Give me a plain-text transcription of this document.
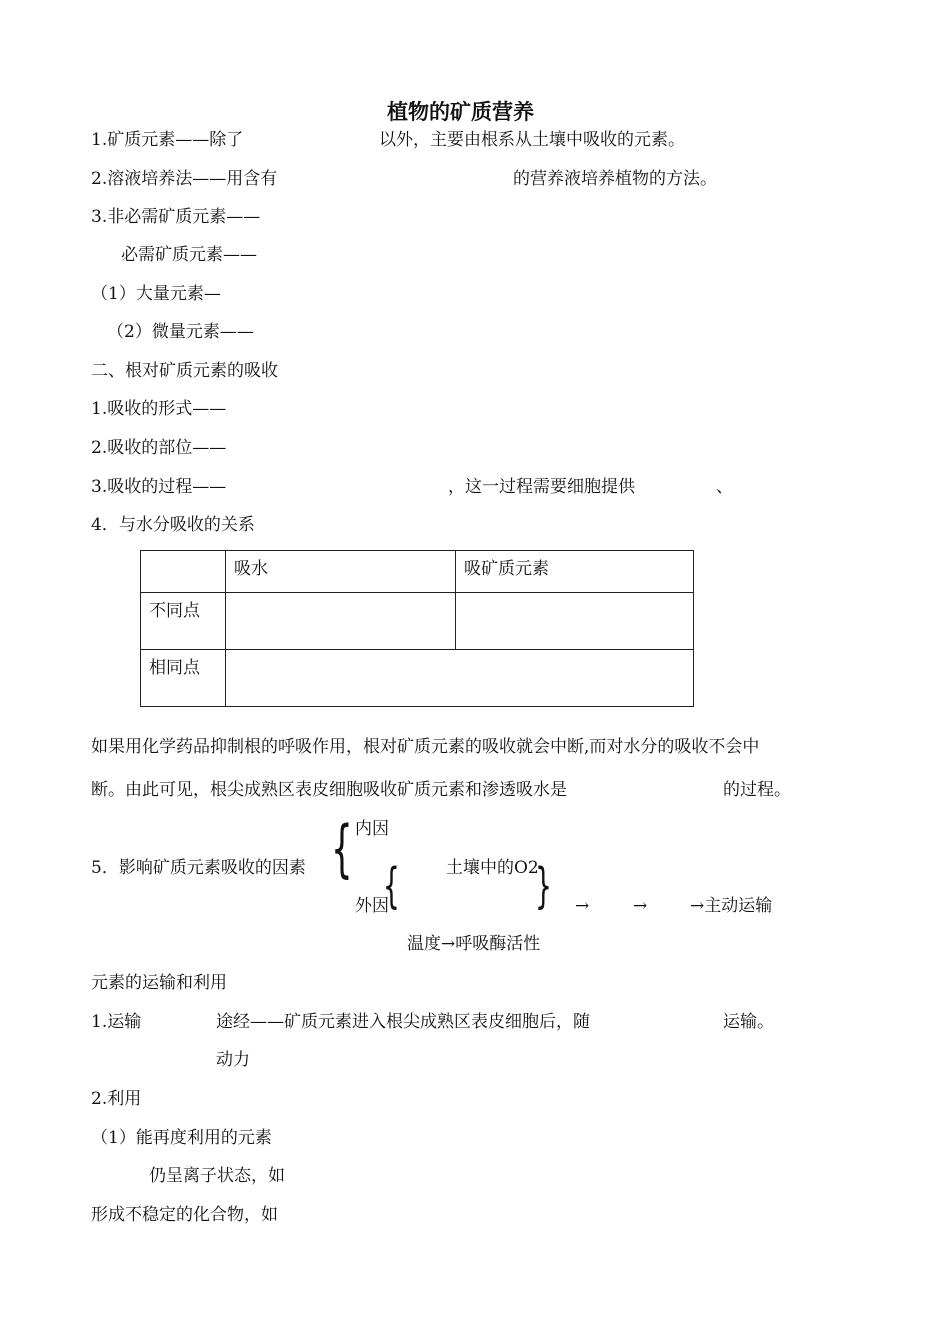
植物的矿质营养
1.矿质元素——除了	以外，主要由根系从土壤中吸收的元素。
2.溶液培养法——用含有	的营养液培养植物的方法。
3.非必需矿质元素——
必需矿质元素——
（1）大量元素—
（2）微量元素——
二、根对矿质元素的吸收
1.吸收的形式——
2.吸收的部位——
3.吸收的过程——	，这一过程需要细胞提供	、
4．与水分吸收的关系

	吸水	吸矿质元素

不同点		

相同点		

如果用化学药品抑制根的呼吸作用，根对矿质元素的吸收就会中断,而对水分的吸收不会中
断。由此可见，根尖成熟区表皮细胞吸收矿质元素和渗透吸水是	的过程。
5．影响矿质元素吸收的因素 { 内因
{	土壤中的O2
}
外因	→	→	→主动运输
温度→呼吸酶活性
元素的运输和利用
1.运输	途经——矿质元素进入根尖成熟区表皮细胞后，随	运输。
动力
2.利用
（1）能再度利用的元素
仍呈离子状态，如
形成不稳定的化合物，如
